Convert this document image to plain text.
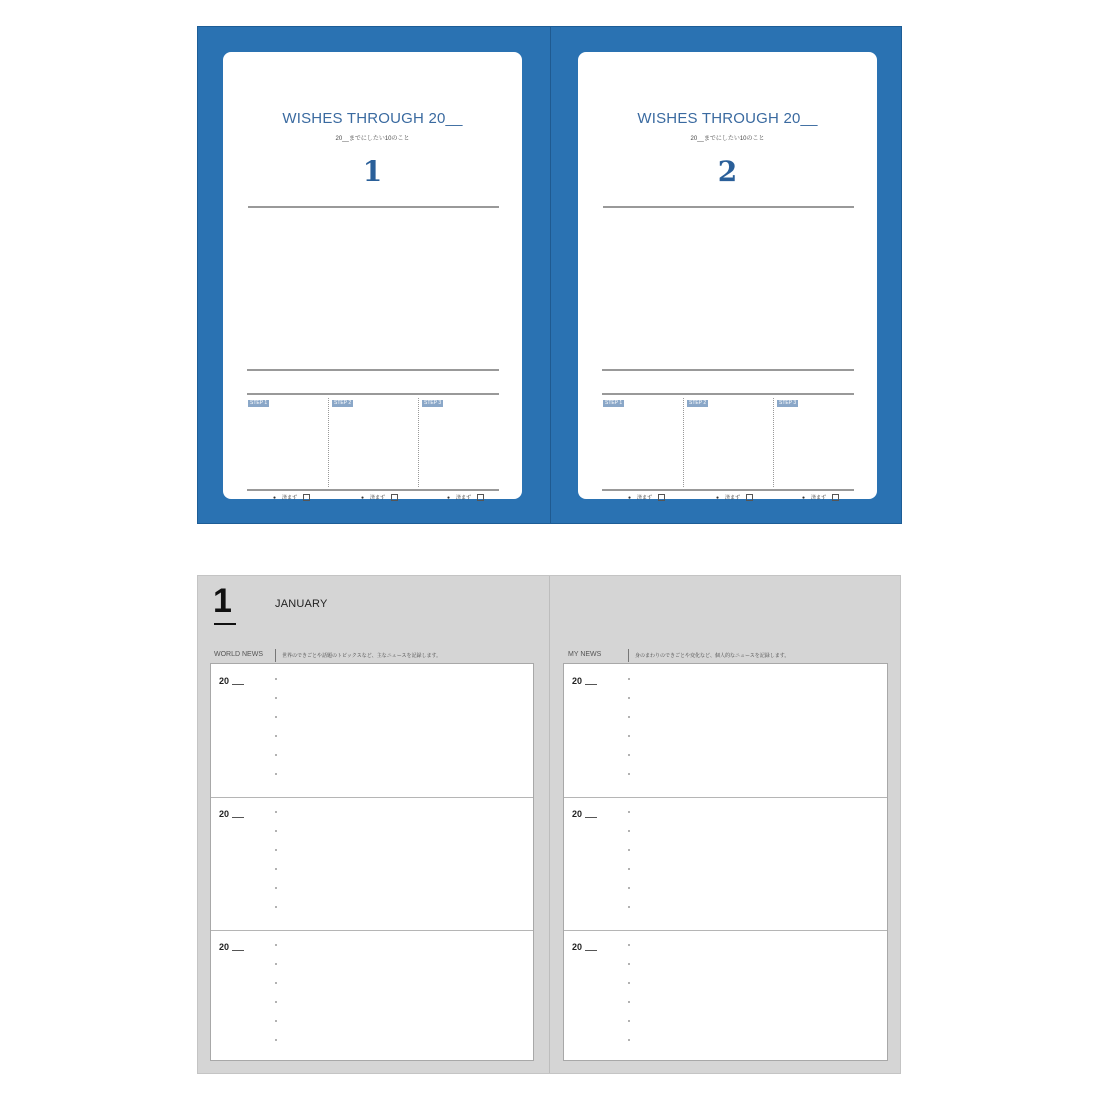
WISHES THROUGH 20__
20__までにしたい10のこと
1
STEP 1	STEP 2	STEP 3
● 済まず	● 済まず	● 済まず
WISHES THROUGH 20__
20__までにしたい10のこと
2
STEP 1	STEP 2	STEP 3
● 済まず	● 済まず	● 済まず
1	JANUARY
WORLD NEWS	世界のできごとや話題のトピックスなど、主なニュースを記録します。	MY NEWS	身のまわりのできごとや変化など、個人的なニュースを記録します。
20
20
20
20
20
20
